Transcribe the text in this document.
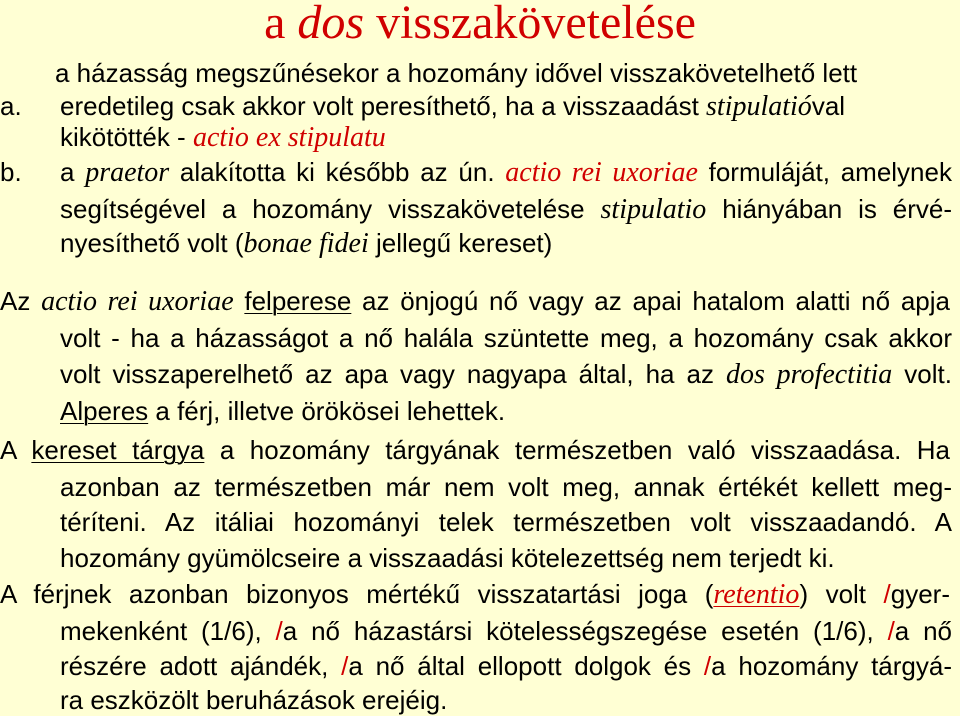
a dos visszakövetelése
a házasság megszűnésekor a hozomány idővel visszakövetelhető lett
a. eredetileg csak akkor volt peresíthető, ha a visszaadást stipulatióval
kikötötték - actio ex stipulatu
b. a praetor alakította ki később az ún. actio rei uxoriae formuláját, amelynek
segítségével a hozomány visszakövetelése stipulatio hiányában is érvé-
nyesíthető volt (bonae fidei jellegű kereset)
Az actio rei uxoriae felperese az önjogú nő vagy az apai hatalom alatti nő apja
volt - ha a házasságot a nő halála szüntette meg, a hozomány csak akkor
volt visszaperelhető az apa vagy nagyapa által, ha az dos profectitia volt.
Alperes a férj, illetve örökösei lehettek.
A kereset tárgya a hozomány tárgyának természetben való visszaadása. Ha
azonban az természetben már nem volt meg, annak értékét kellett meg-
téríteni. Az itáliai hozományi telek természetben volt visszaadandó. A
hozomány gyümölcseire a visszaadási kötelezettség nem terjedt ki.
A férjnek azonban bizonyos mértékű visszatartási joga (retentio) volt /gyer-
mekenként (1/6), /a nő házastársi kötelességszegése esetén (1/6), /a nő
részére adott ajándék, /a nő által ellopott dolgok és /a hozomány tárgyá-
ra eszközölt beruházások erejéig.
